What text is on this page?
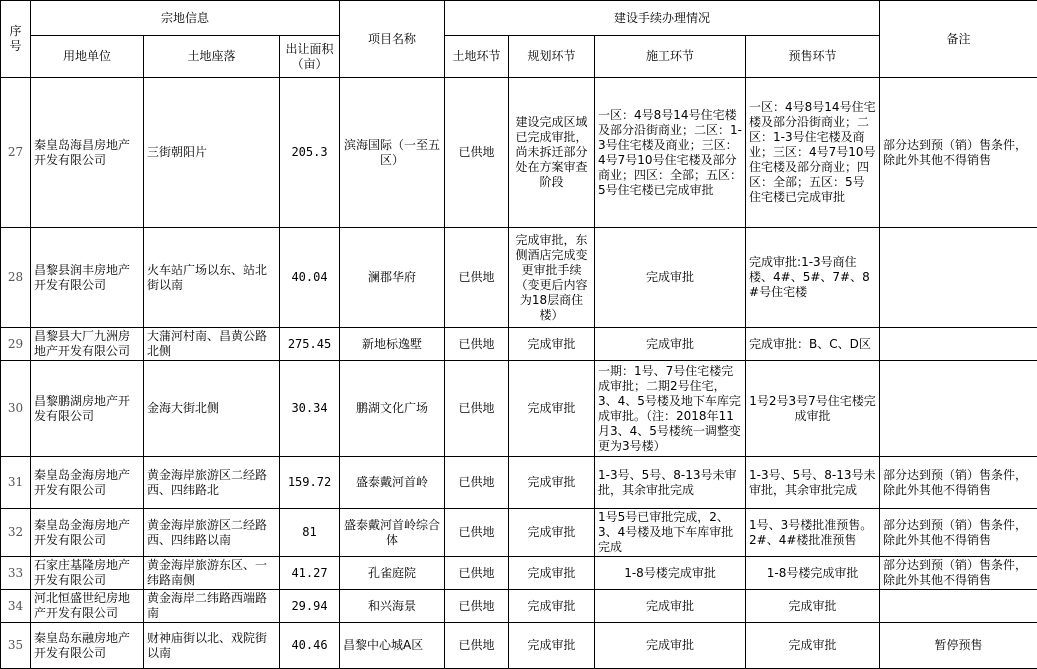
序号	宗地信息			项目名称	建设手续办理情况				备注
	用地单位	土地座落	出让面积（亩）		土地环节	规划环节	施工环节	预售环节	
27	秦皇岛海昌房地产开发有限公司	三街朝阳片	205.3	滨海国际（一至五区）	已供地	建设完成区域已完成审批，尚未拆迁部分处在方案审查阶段	一区：4号8号14号住宅楼及部分沿街商业；二区：1-3号住宅楼及商业；三区：4号7号10号住宅楼及部分商业；四区：全部；五区：5号住宅楼已完成审批	一区：4号8号14号住宅楼及部分沿街商业；二区：1-3号住宅楼及商业；三区：4号7号10号住宅楼及部分商业；四区：全部；五区：5号住宅楼已完成审批	部分达到预（销）售条件，除此外其他不得销售
28	昌黎县润丰房地产开发有限公司	火车站广场以东、站北街以南	40.04	澜郡华府	已供地	完成审批，东侧酒店完成变更审批手续（变更后内容为18层商住楼）	完成审批	完成审批:1-3号商住楼、4#、5#、7#、8#号住宅楼	
29	昌黎县大厂九洲房地产开发有限公司	大蒲河村南、昌黄公路北侧	275.45	新地标逸墅	已供地	完成审批	完成审批	完成审批：B、C、D区	
30	昌黎鹏湖房地产开发有限公司	金海大街北侧	30.34	鹏湖文化广场	已供地	完成审批	一期：1号、7号住宅楼完成审批；二期2号住宅，3、4、5号楼及地下车库完成审批。（注：2018年11月3、4、5号楼统一调整变更为3号楼）	1号2号3号7号住宅楼完成审批	
31	秦皇岛金海房地产开发有限公司	黄金海岸旅游区二经路西、四纬路北	159.72	盛泰戴河首岭	已供地	完成审批	1-3号、5号、8-13号未审批，其余审批完成	1-3号、5号、8-13号未审批，其余审批完成	部分达到预（销）售条件，除此外其他不得销售
32	秦皇岛金海房地产开发有限公司	黄金海岸旅游区二经路西、四纬路以南	81	盛泰戴河首岭综合体	已供地	完成审批	1号5号已审批完成，2、3、4号楼及地下车库审批完成	1号、3号楼批准预售。2#、4#楼批准预售	部分达到预（销）售条件，除此外其他不得销售
33	石家庄基隆房地产开发有限公司	黄金海岸旅游东区、一纬路南侧	41.27	孔雀庭院	已供地	完成审批	1-8号楼完成审批	1-8号楼完成审批	部分达到预（销）售条件，除此外其他不得销售
34	河北恒盛世纪房地产开发有限公司	黄金海岸二纬路西端路南	29.94	和兴海景	已供地	完成审批	完成审批	完成审批	
35	秦皇岛东融房地产开发有限公司	财神庙街以北、戏院街以南	40.46	昌黎中心城A区	已供地	完成审批	完成审批	完成审批	暂停预售
